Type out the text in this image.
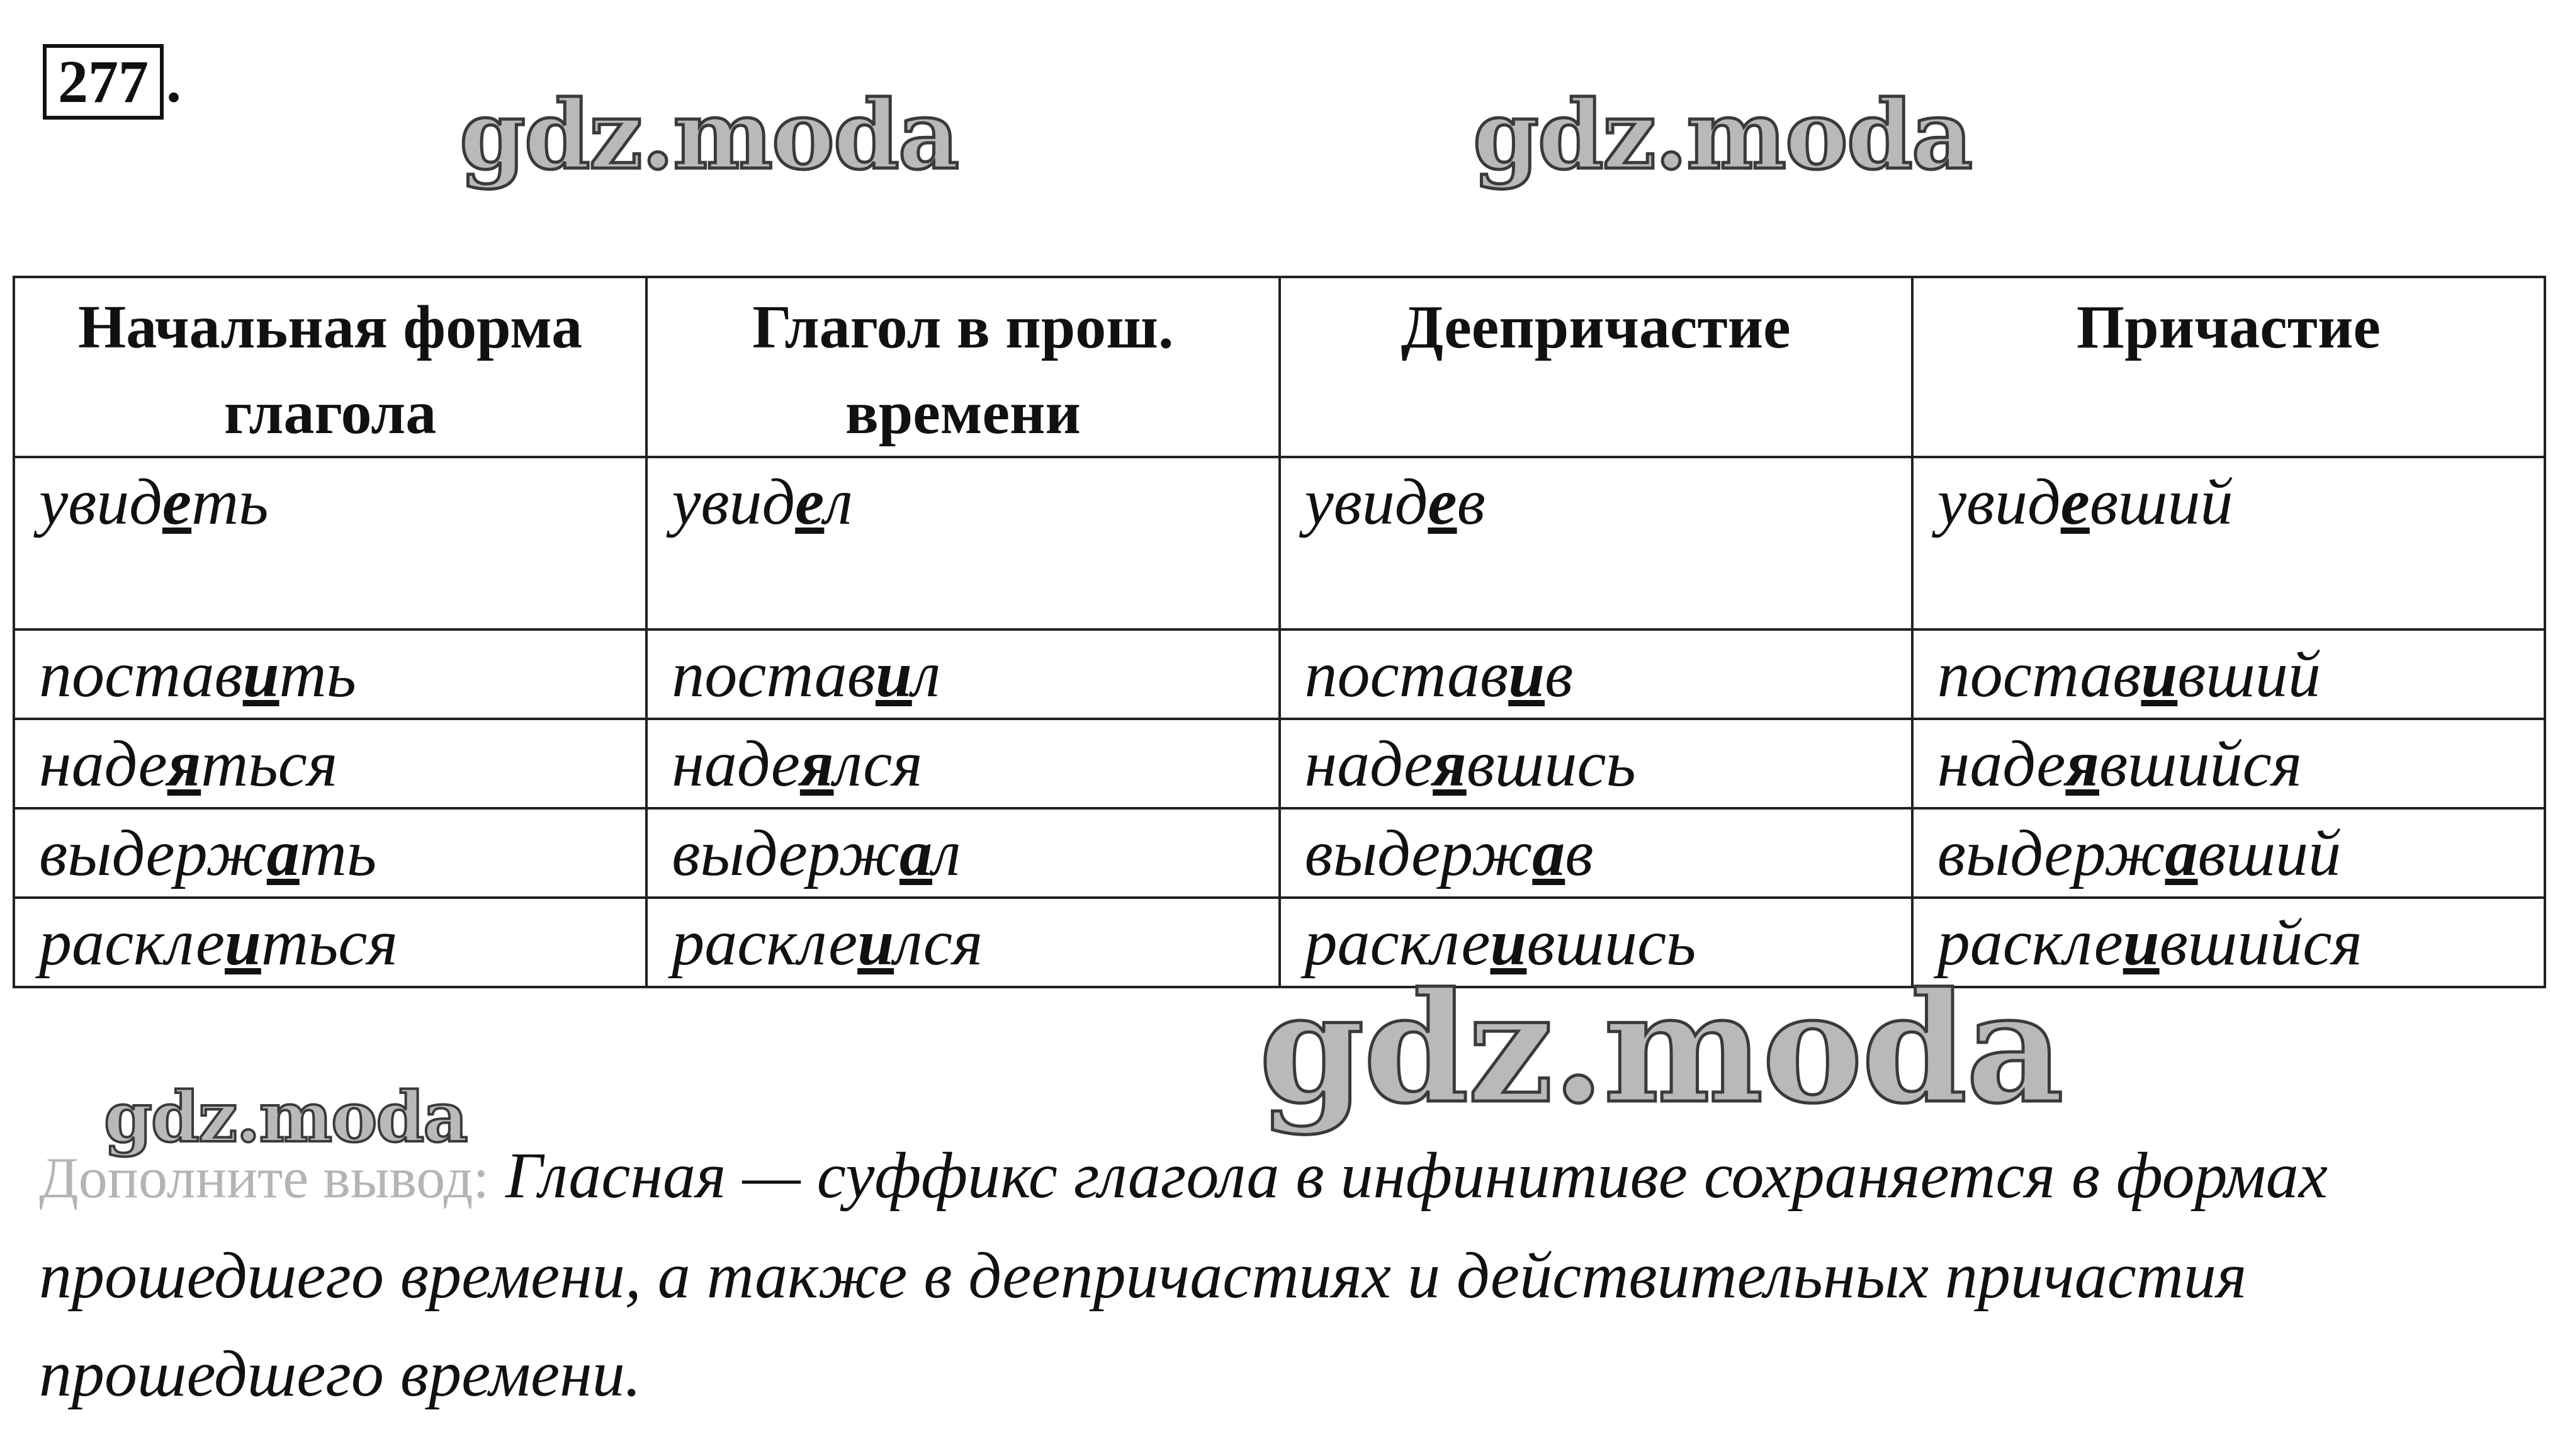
277 .	gdz.moda	gdz.moda
Начальная форма глагола	Глагол в прош. времени	Деепричастие	Причастие
увидеть	увидел	увидев	увидевший
поставить	поставил	поставив	поставивший
надеяться	надеялся	надеявшись	надеявшийся
выдержать	выдержал	выдержав	выдержавший
расклеиться	расклеился	расклеившись	расклеившийся
gdz.moda
gdz.moda
Дополните вывод: Гласная — суффикс глагола в инфинитиве сохраняется в формах прошедшего времени, а также в деепричастиях и действительных причастия прошедшего времени.
